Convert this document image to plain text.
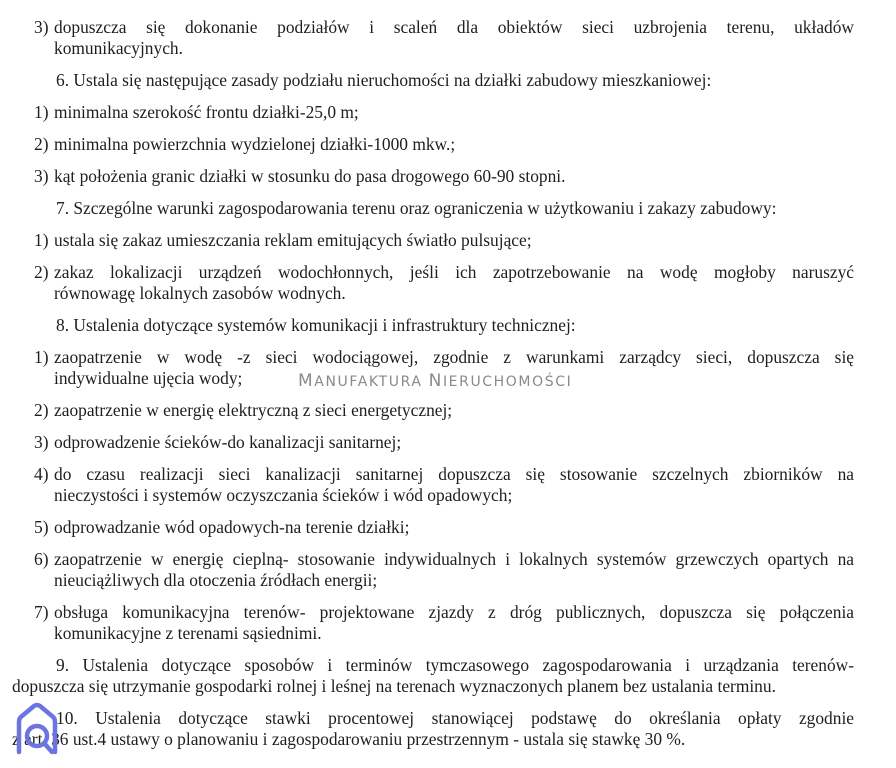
3) dopuszcza się dokonanie podziałów i scaleń dla obiektów sieci uzbrojenia terenu, układów
komunikacyjnych.
6. Ustala się następujące zasady podziału nieruchomości na działki zabudowy mieszkaniowej:
1) minimalna szerokość frontu działki-25,0 m;
2) minimalna powierzchnia wydzielonej działki-1000 mkw.;
3) kąt położenia granic działki w stosunku do pasa drogowego 60-90 stopni.
7. Szczególne warunki zagospodarowania terenu oraz ograniczenia w użytkowaniu i zakazy zabudowy:
1) ustala się zakaz umieszczania reklam emitujących światło pulsujące;
2) zakaz lokalizacji urządzeń wodochłonnych, jeśli ich zapotrzebowanie na wodę mogłoby naruszyć
równowagę lokalnych zasobów wodnych.
8. Ustalenia dotyczące systemów komunikacji i infrastruktury technicznej:
1) zaopatrzenie w wodę -z sieci wodociągowej, zgodnie z warunkami zarządcy sieci, dopuszcza się
indywidualne ujęcia wody;
2) zaopatrzenie w energię elektryczną z sieci energetycznej;
3) odprowadzenie ścieków-do kanalizacji sanitarnej;
4) do czasu realizacji sieci kanalizacji sanitarnej dopuszcza się stosowanie szczelnych zbiorników na
nieczystości i systemów oczyszczania ścieków i wód opadowych;
5) odprowadzanie wód opadowych-na terenie działki;
6) zaopatrzenie w energię cieplną- stosowanie indywidualnych i lokalnych systemów grzewczych opartych na
nieuciążliwych dla otoczenia źródłach energii;
7) obsługa komunikacyjna terenów- projektowane zjazdy z dróg publicznych, dopuszcza się połączenia
komunikacyjne z terenami sąsiednimi.
9. Ustalenia dotyczące sposobów i terminów tymczasowego zagospodarowania i urządzania terenów-
dopuszcza się utrzymanie gospodarki rolnej i leśnej na terenach wyznaczonych planem bez ustalania terminu.
10. Ustalenia dotyczące stawki procentowej stanowiącej podstawę do określania opłaty zgodnie
z art. 36 ust.4 ustawy o planowaniu i zagospodarowaniu przestrzennym - ustala się stawkę 30 %.
MANUFAKTURA NIERUCHOMOŚCI
